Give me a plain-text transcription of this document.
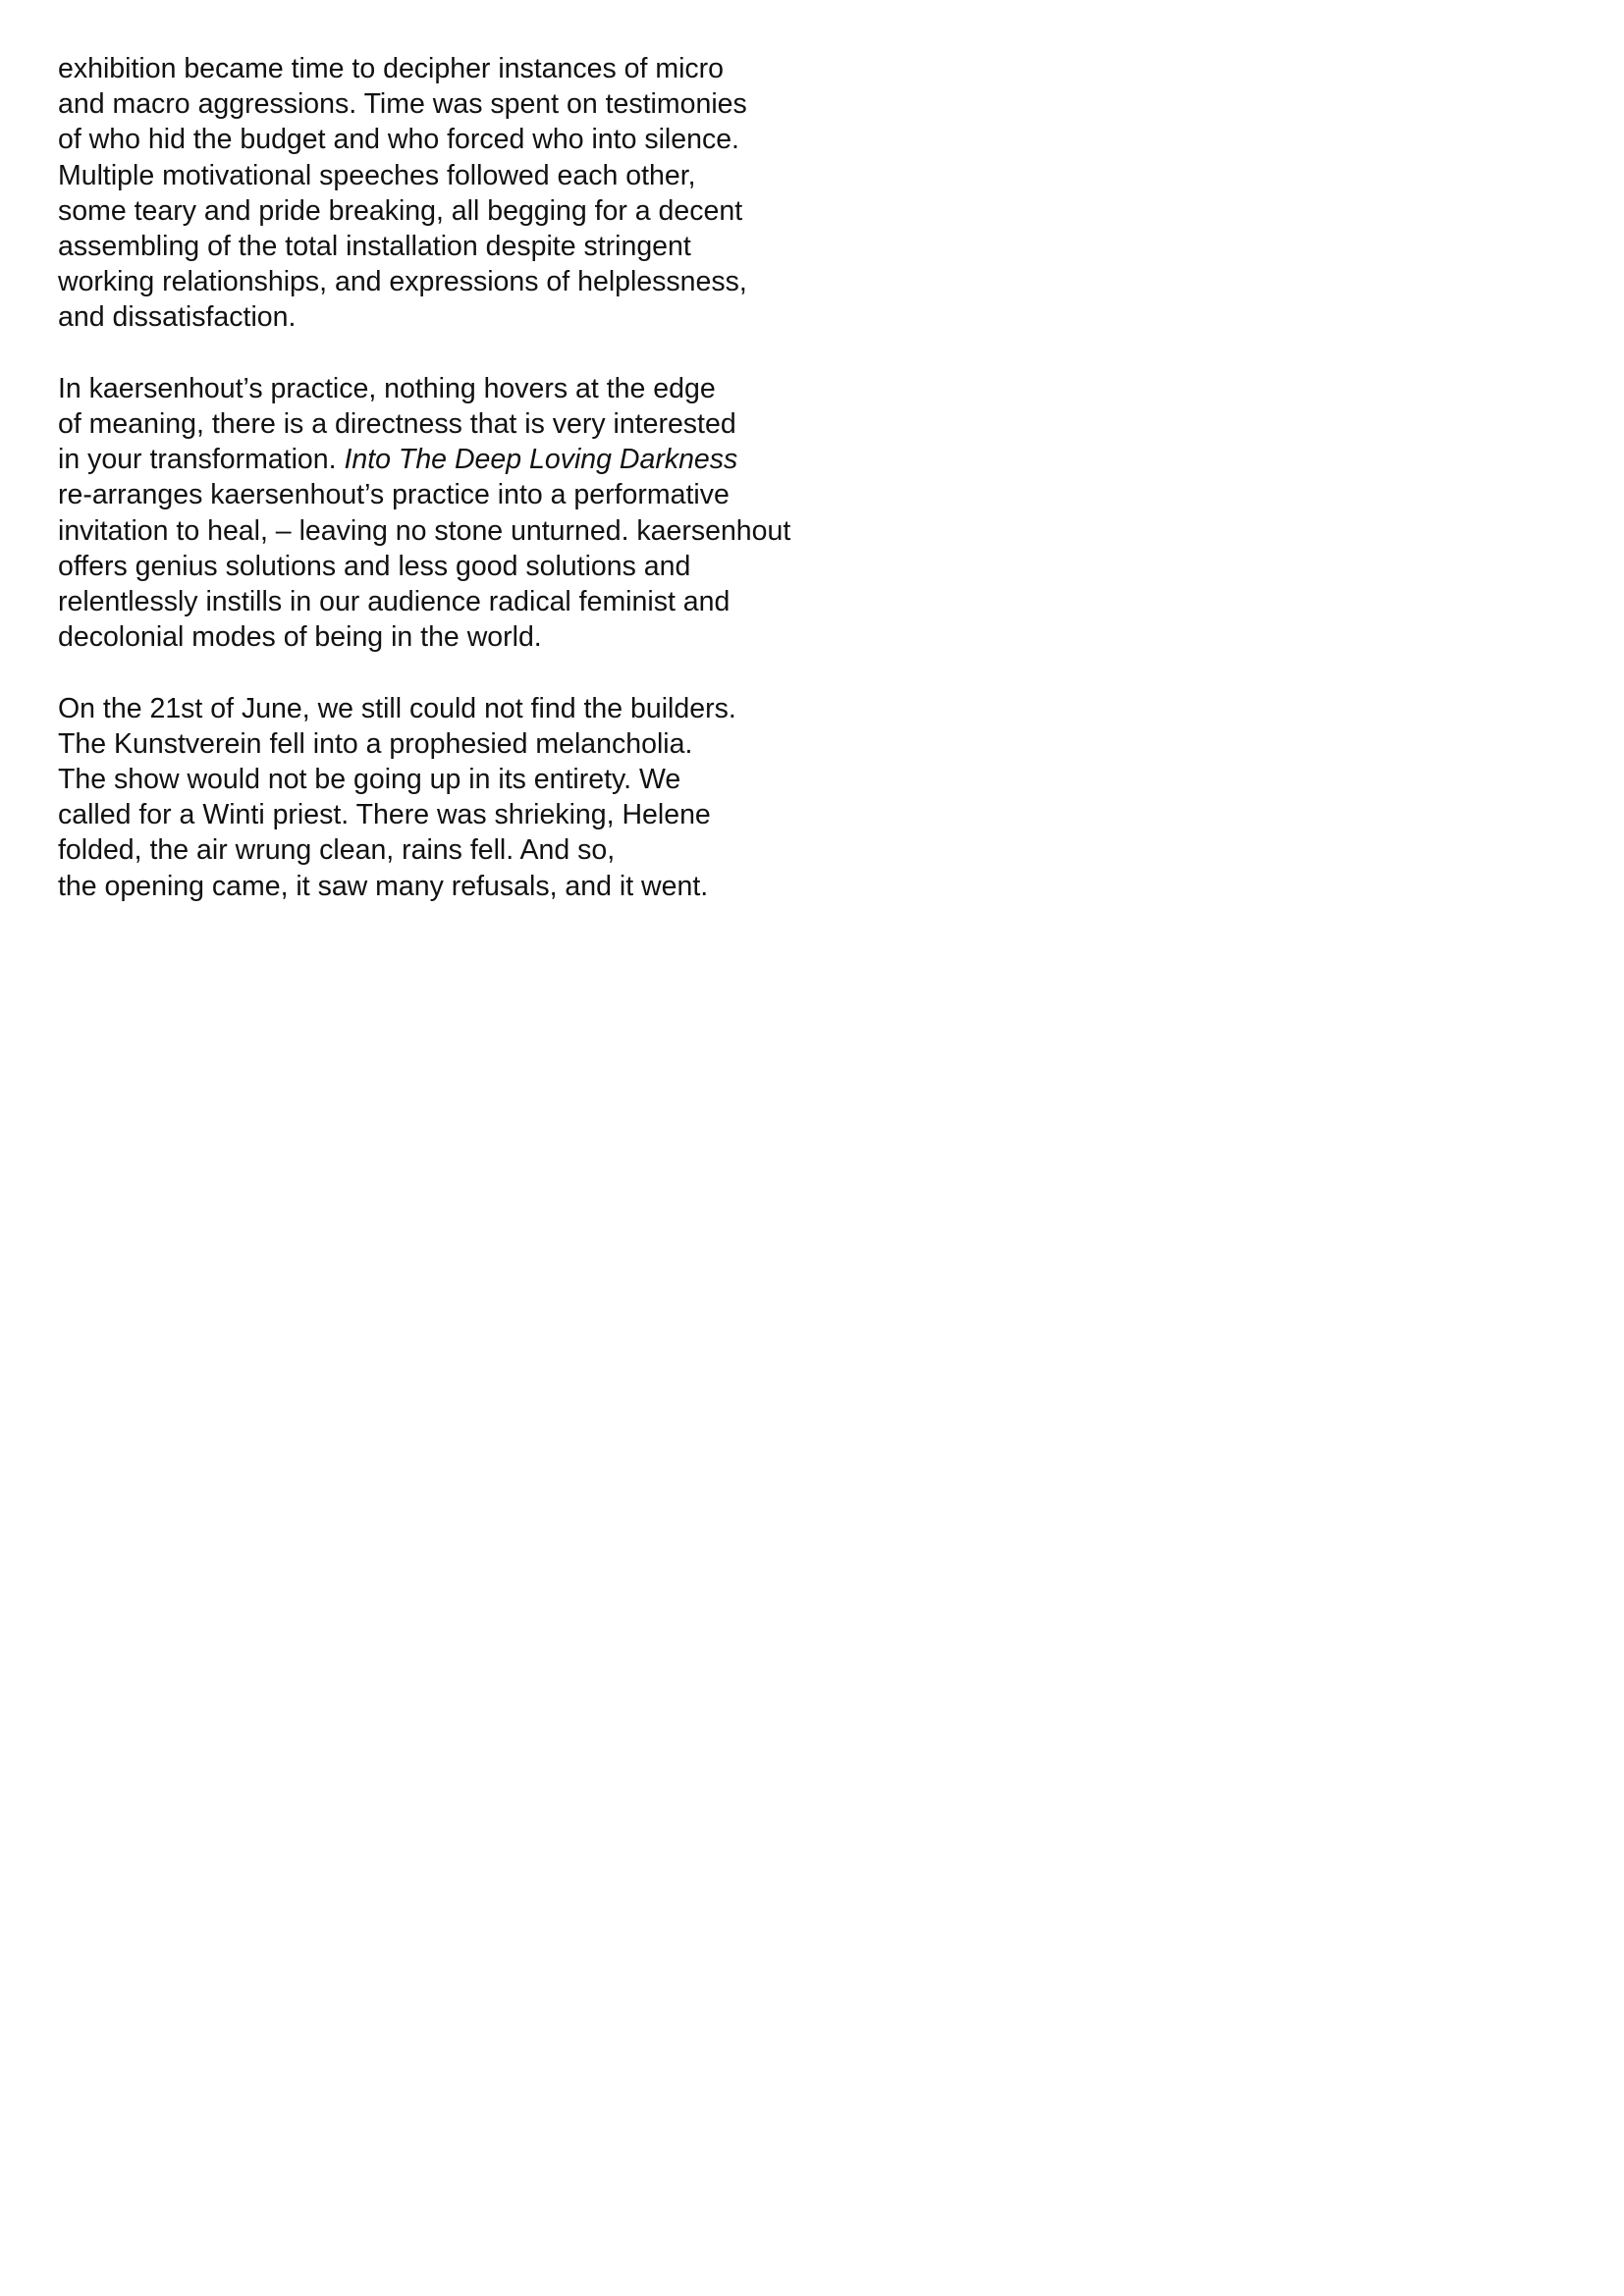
exhibition became time to decipher instances of micro
and macro aggressions. Time was spent on testimonies
of who hid the budget and who forced who into silence.
Multiple motivational speeches followed each other,
some teary and pride breaking, all begging for a decent
assembling of the total installation despite stringent
working relationships, and expressions of helplessness,
and dissatisfaction.

In kaersenhout’s practice, nothing hovers at the edge
of meaning, there is a directness that is very interested
in your transformation. Into The Deep Loving Darkness
re-arranges kaersenhout’s practice into a performative
invitation to heal, – leaving no stone unturned. kaersenhout
offers genius solutions and less good solutions and
relentlessly instills in our audience radical feminist and
decolonial modes of being in the world.

On the 21st of June, we still could not find the builders.
The Kunstverein fell into a prophesied melancholia.
The show would not be going up in its entirety. We
called for a Winti priest. There was shrieking, Helene
folded, the air wrung clean, rains fell. And so,
the opening came, it saw many refusals, and it went.
